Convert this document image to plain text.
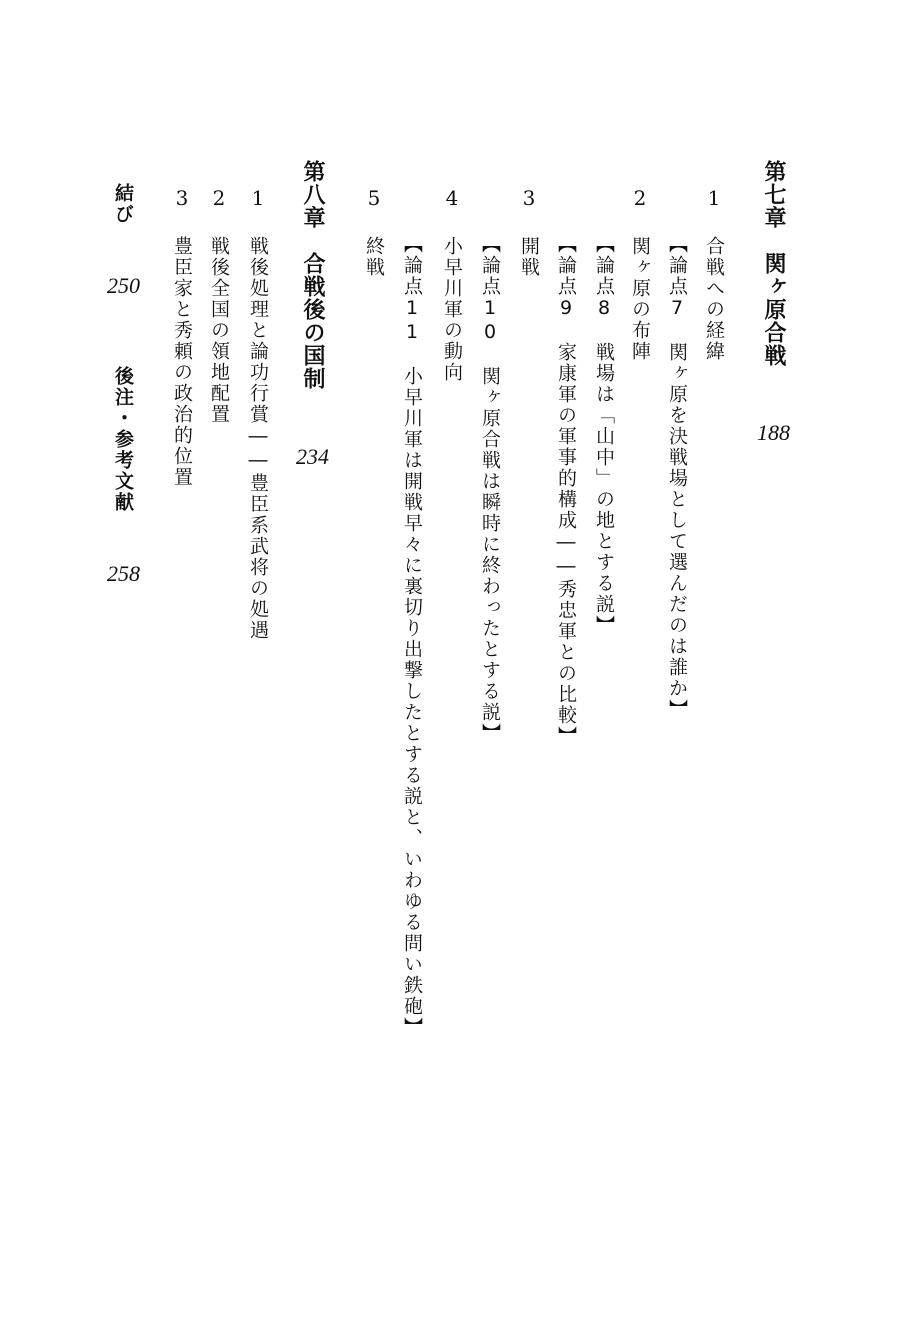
第七章　関ヶ原合戦
188
1合戦への経緯
【論点7　関ヶ原を決戦場として選んだのは誰か】
2関ヶ原の布陣
【論点8　戦場は「山中」の地とする説】
【論点9　家康軍の軍事的構成――秀忠軍との比較】
3開戦
【論点10　関ヶ原合戦は瞬時に終わったとする説】
4小早川軍の動向
【論点11　小早川軍は開戦早々に裏切り出撃したとする説と、いわゆる問い鉄砲】
5終戦
第八章　合戦後の国制
234
1戦後処理と論功行賞――豊臣系武将の処遇
2戦後全国の領地配置
3豊臣家と秀頼の政治的位置
結び
250
後注・参考文献
258
